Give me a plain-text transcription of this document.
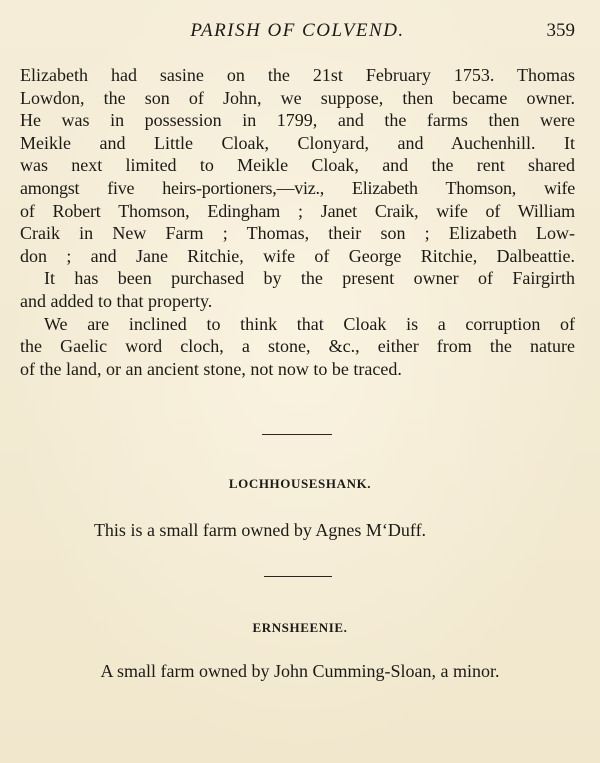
PARISH OF COLVEND.	359

Elizabeth had sasine on the 21st February 1753. Thomas
Lowdon, the son of John, we suppose, then became owner.
He was in possession in 1799, and the farms then were
Meikle and Little Cloak, Clonyard, and Auchenhill. It
was next limited to Meikle Cloak, and the rent shared
amongst five heirs-portioners,—viz., Elizabeth Thomson, wife
of Robert Thomson, Edingham ; Janet Craik, wife of William
Craik in New Farm ; Thomas, their son ; Elizabeth Low-
don ; and Jane Ritchie, wife of George Ritchie, Dalbeattie.

It has been purchased by the present owner of Fairgirth
and added to that property.

We are inclined to think that Cloak is a corruption of
the Gaelic word cloch, a stone, &c., either from the nature
of the land, or an ancient stone, not now to be traced.

LOCHHOUSESHANK.
This is a small farm owned by Agnes M‘Duff.
ERNSHEENIE.
A small farm owned by John Cumming-Sloan, a minor.
